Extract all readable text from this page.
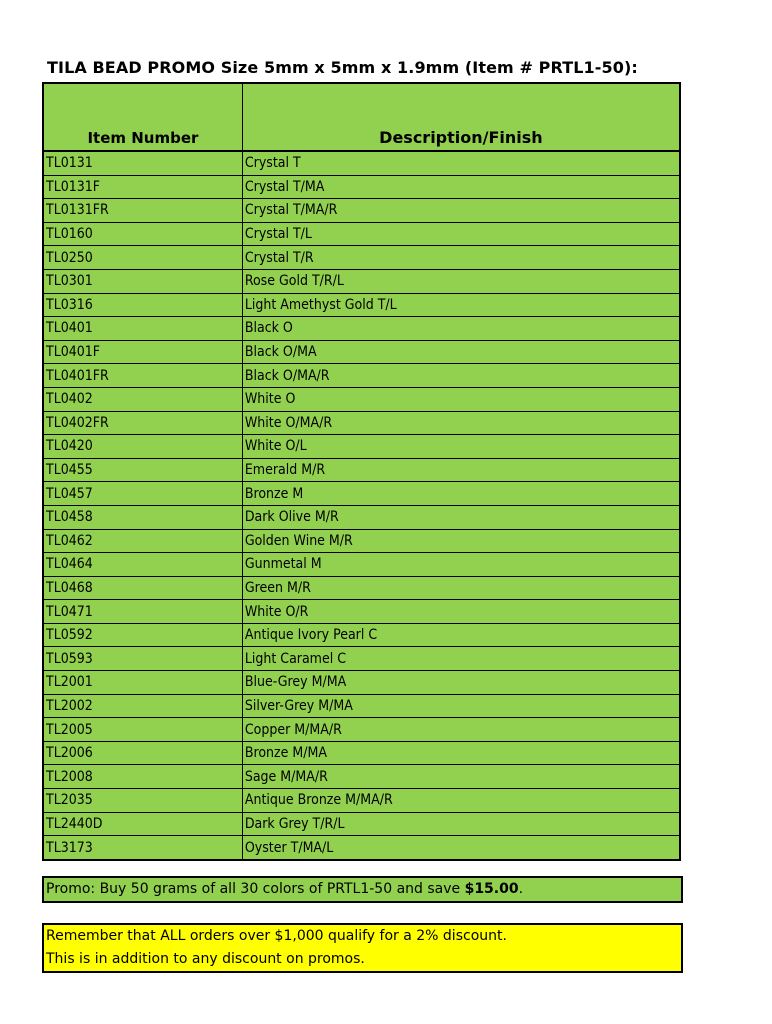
TILA BEAD PROMO Size 5mm x 5mm x 1.9mm (Item # PRTL1-50):
Item Number	Description/Finish
TL0131	Crystal T
TL0131F	Crystal T/MA
TL0131FR	Crystal T/MA/R
TL0160	Crystal T/L
TL0250	Crystal T/R
TL0301	Rose Gold T/R/L
TL0316	Light Amethyst Gold T/L
TL0401	Black O
TL0401F	Black O/MA
TL0401FR	Black O/MA/R
TL0402	White O
TL0402FR	White O/MA/R
TL0420	White O/L
TL0455	Emerald M/R
TL0457	Bronze M
TL0458	Dark Olive M/R
TL0462	Golden Wine M/R
TL0464	Gunmetal M
TL0468	Green M/R
TL0471	White O/R
TL0592	Antique Ivory Pearl C
TL0593	Light Caramel C
TL2001	Blue-Grey M/MA
TL2002	Silver-Grey M/MA
TL2005	Copper M/MA/R
TL2006	Bronze M/MA
TL2008	Sage M/MA/R
TL2035	Antique Bronze M/MA/R
TL2440D	Dark Grey T/R/L
TL3173	Oyster T/MA/L
Promo: Buy 50 grams of all 30 colors of PRTL1-50 and save $15.00.
Remember that ALL orders over $1,000 qualify for a 2% discount.
This is in addition to any discount on promos.
